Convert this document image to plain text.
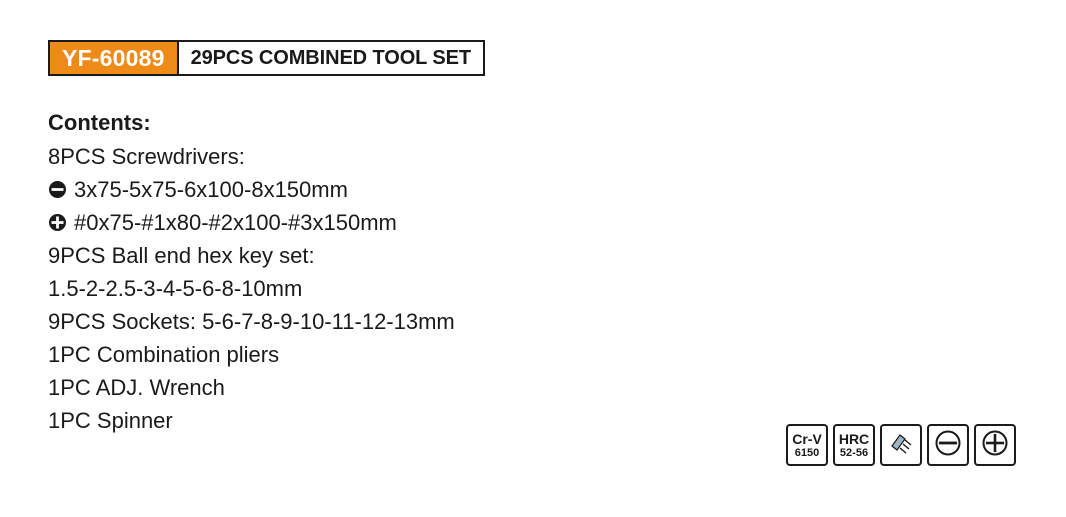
YF-60089	29PCS COMBINED TOOL SET
Contents:
8PCS Screwdrivers:
3x75-5x75-6x100-8x150mm
#0x75-#1x80-#2x100-#3x150mm
9PCS Ball end hex key set:
1.5-2-2.5-3-4-5-6-8-10mm
9PCS Sockets: 5-6-7-8-9-10-11-12-13mm
1PC Combination pliers
1PC ADJ. Wrench
1PC Spinner
Cr-V
6150
HRC
52-56
